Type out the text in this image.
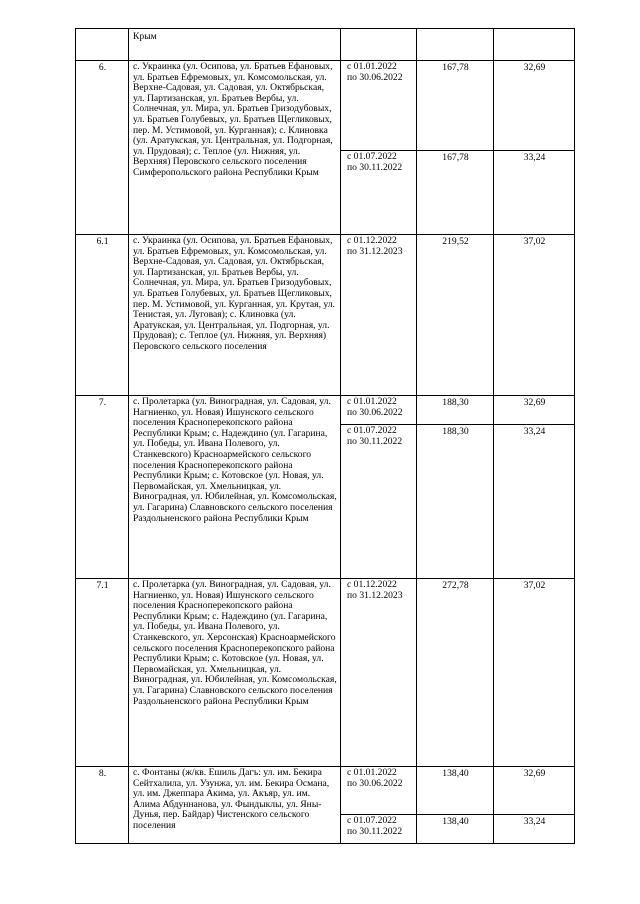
	Крым			
6.	с. Украинка (ул. Осипова, ул. Братьев Ефановых, ул. Братьев Ефремовых, ул. Комсомольская, ул. Верхне-Садовая, ул. Садовая, ул. Октябрьская, ул. Партизанская, ул. Братьев Вербы, ул. Солнечная, ул. Мира, ул. Братьев Гризодубовых, ул. Братьев Голубевых, ул. Братьев Щегликовых, пер. М. Устимовой, ул. Курганная); с. Клиновка (ул. Аратукская, ул. Центральная, ул. Подгорная, ул. Прудовая); с. Теплое (ул. Нижняя, ул. Верхняя) Перовского сельского поселения Симферопольского района Республики Крым	с 01.01.2022
по 30.06.2022	167,78	32,69

		с 01.07.2022
по 30.11.2022	167,78	33,24
6.1	с. Украинка (ул. Осипова, ул. Братьев Ефановых, ул. Братьев Ефремовых, ул. Комсомольская, ул. Верхне-Садовая, ул. Садовая, ул. Октябрьская, ул. Партизанская, ул. Братьев Вербы, ул. Солнечная, ул. Мира, ул. Братьев Гризодубовых, ул. Братьев Голубевых, ул. Братьев Щегликовых, пер. М. Устимовой, ул. Курганная, ул. Крутая, ул. Тенистая, ул. Луговая); с. Клиновка (ул. Аратукская, ул. Центральная, ул. Подгорная, ул. Прудовая); с. Теплое (ул. Нижняя, ул. Верхняя) Перовского сельского поселения	с 01.12.2022
по 31.12.2023	219,52	37,02
7.	с. Пролетарка (ул. Виноградная, ул. Садовая, ул. Нагниенко, ул. Новая) Ишунского сельского поселения Красноперекопского района Республики Крым; с. Надеждино (ул. Гагарина, ул. Победы, ул. Ивана Полевого, ул. Станкевского) Красноармейского сельского поселения Красноперекопского района Республики Крым; с. Котовское (ул. Новая, ул. Первомайская, ул. Хмельницкая, ул. Виноградная, ул. Юбилейная, ул. Комсомольская, ул. Гагарина) Славновского сельского поселения Раздольненского района Республики Крым	с 01.01.2022
по 30.06.2022	188,30	32,69

		с 01.07.2022
по 30.11.2022	188,30	33,24
7.1	с. Пролетарка (ул. Виноградная, ул. Садовая, ул. Нагниенко, ул. Новая) Ишунского сельского поселения Красноперекопского района Республики Крым; с. Надеждино (ул. Гагарина, ул. Победы, ул. Ивана Полевого, ул. Станкевского, ул. Херсонская) Красноармейского сельского поселения Красноперекопского района Республики Крым; с. Котовское (ул. Новая, ул. Первомайская, ул. Хмельницкая, ул. Виноградная, ул. Юбилейная, ул. Комсомольская, ул. Гагарина) Славновского сельского поселения Раздольненского района Республики Крым	с 01.12.2022
по 31.12.2023	272,78	37,02
8.	с. Фонтаны (ж/кв. Ешиль Дагъ: ул. им. Бекира Сейтхалила, ул. Узунжа, ул. им. Бекира Османа, ул. им. Джеппара Акима, ул. Акъяр, ул. им. Алима Абдуннанова, ул. Фындыклы, ул. Яны-Дунья, пер. Байдар) Чистенского сельского поселения	с 01.01.2022
по 30.06.2022	138,40	32,69

		с 01.07.2022
по 30.11.2022	138,40	33,24
